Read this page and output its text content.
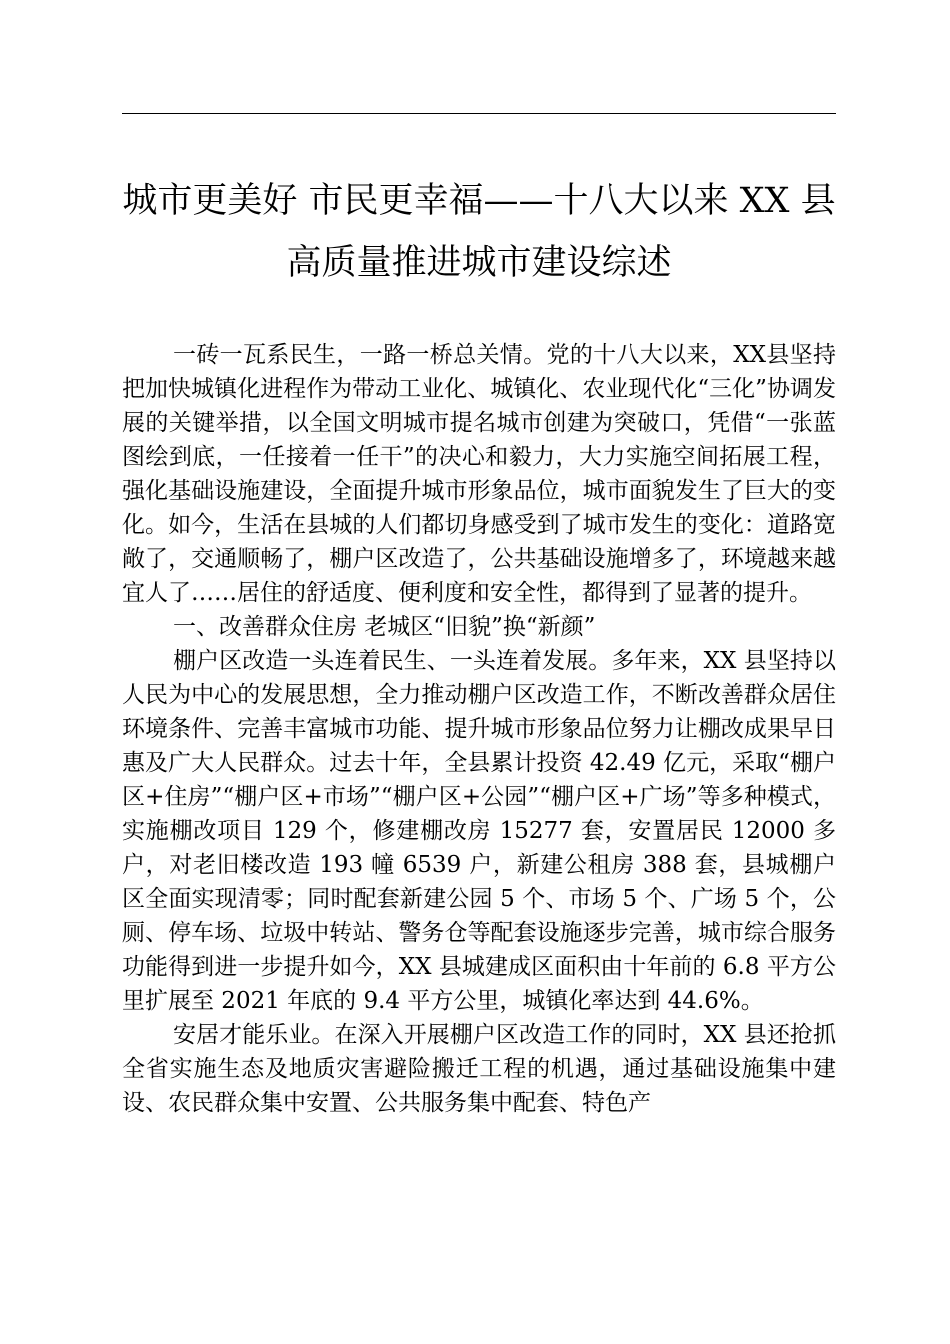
城市更美好 市民更幸福——十八大以来 XX 县
高质量推进城市建设综述

一砖一瓦系民生，一路一桥总关情。党的十八大以来，XX县坚持把加快城镇化进程作为带动工业化、城镇化、农业现代化“三化”协调发展的关键举措，以全国文明城市提名城市创建为突破口，凭借“一张蓝图绘到底，一任接着一任干”的决心和毅力，大力实施空间拓展工程，强化基础设施建设，全面提升城市形象品位，城市面貌发生了巨大的变化。如今，生活在县城的人们都切身感受到了城市发生的变化：道路宽敞了，交通顺畅了，棚户区改造了，公共基础设施增多了，环境越来越宜人了……居住的舒适度、便利度和安全性，都得到了显著的提升。

一、改善群众住房 老城区“旧貌”换“新颜”

棚户区改造一头连着民生、一头连着发展。多年来，XX 县坚持以人民为中心的发展思想，全力推动棚户区改造工作，不断改善群众居住环境条件、完善丰富城市功能、提升城市形象品位努力让棚改成果早日惠及广大人民群众。过去十年，全县累计投资 42.49 亿元，采取“棚户区+住房”“棚户区+市场”“棚户区+公园”“棚户区+广场”等多种模式，实施棚改项目 129 个，修建棚改房 15277 套，安置居民 12000 多户，对老旧楼改造 193 幢 6539 户，新建公租房 388 套，县城棚户区全面实现清零；同时配套新建公园 5 个、市场 5 个、广场 5 个，公厕、停车场、垃圾中转站、警务仓等配套设施逐步完善，城市综合服务功能得到进一步提升如今，XX 县城建成区面积由十年前的 6.8 平方公里扩展至 2021 年底的 9.4 平方公里，城镇化率达到 44.6%。

安居才能乐业。在深入开展棚户区改造工作的同时，XX 县还抢抓全省实施生态及地质灾害避险搬迁工程的机遇，通过基础设施集中建设、农民群众集中安置、公共服务集中配套、特色产
